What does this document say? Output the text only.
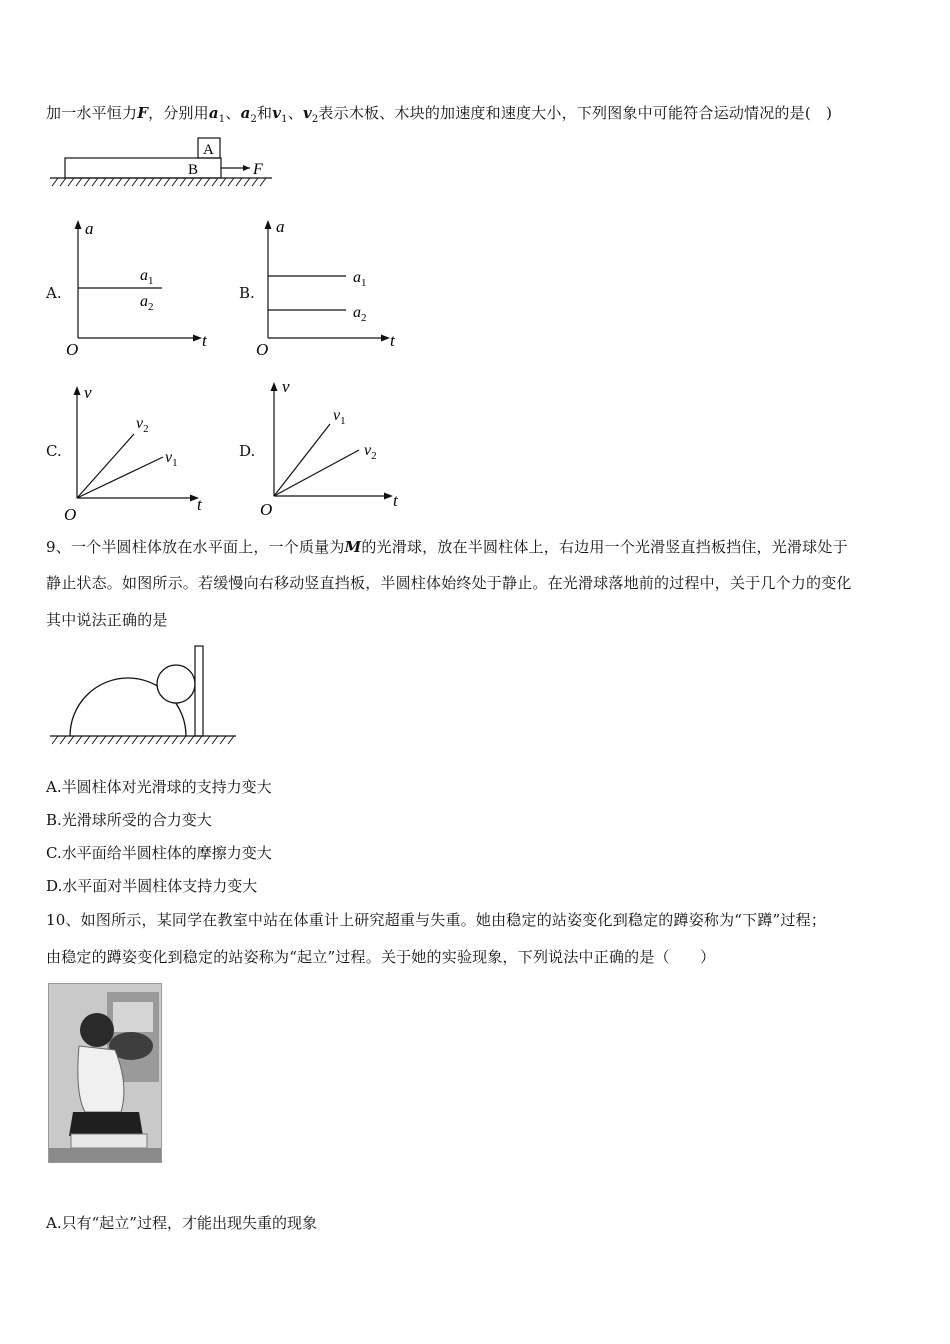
加一水平恒力F，分别用$a_1$、$a_2$和$v_1$、$v_2$表示木板、木块的加速度和速度大小，下列图象中可能符合运动情况的是(　)
A
B	F
A.
a
t
O
$a_1$
$a_2$
B.
a
t
O
$a_1$
$a_2$
C.
v
t
O
$v_2$
$v_1$
D.
v
t
O
$v_1$
$v_2$
9、一个半圆柱体放在水平面上，一个质量为M的光滑球，放在半圆柱体上，右边用一个光滑竖直挡板挡住，光滑球处于
静止状态。如图所示。若缓慢向右移动竖直挡板，半圆柱体始终处于静止。在光滑球落地前的过程中，关于几个力的变化
其中说法正确的是
A.半圆柱体对光滑球的支持力变大
B.光滑球所受的合力变大
C.水平面给半圆柱体的摩擦力变大
D.水平面对半圆柱体支持力变大
10、如图所示，某同学在教室中站在体重计上研究超重与失重。她由稳定的站姿变化到稳定的蹲姿称为“下蹲”过程；
由稳定的蹲姿变化到稳定的站姿称为“起立”过程。关于她的实验现象，下列说法中正确的是（　　）
A.只有“起立”过程，才能出现失重的现象
